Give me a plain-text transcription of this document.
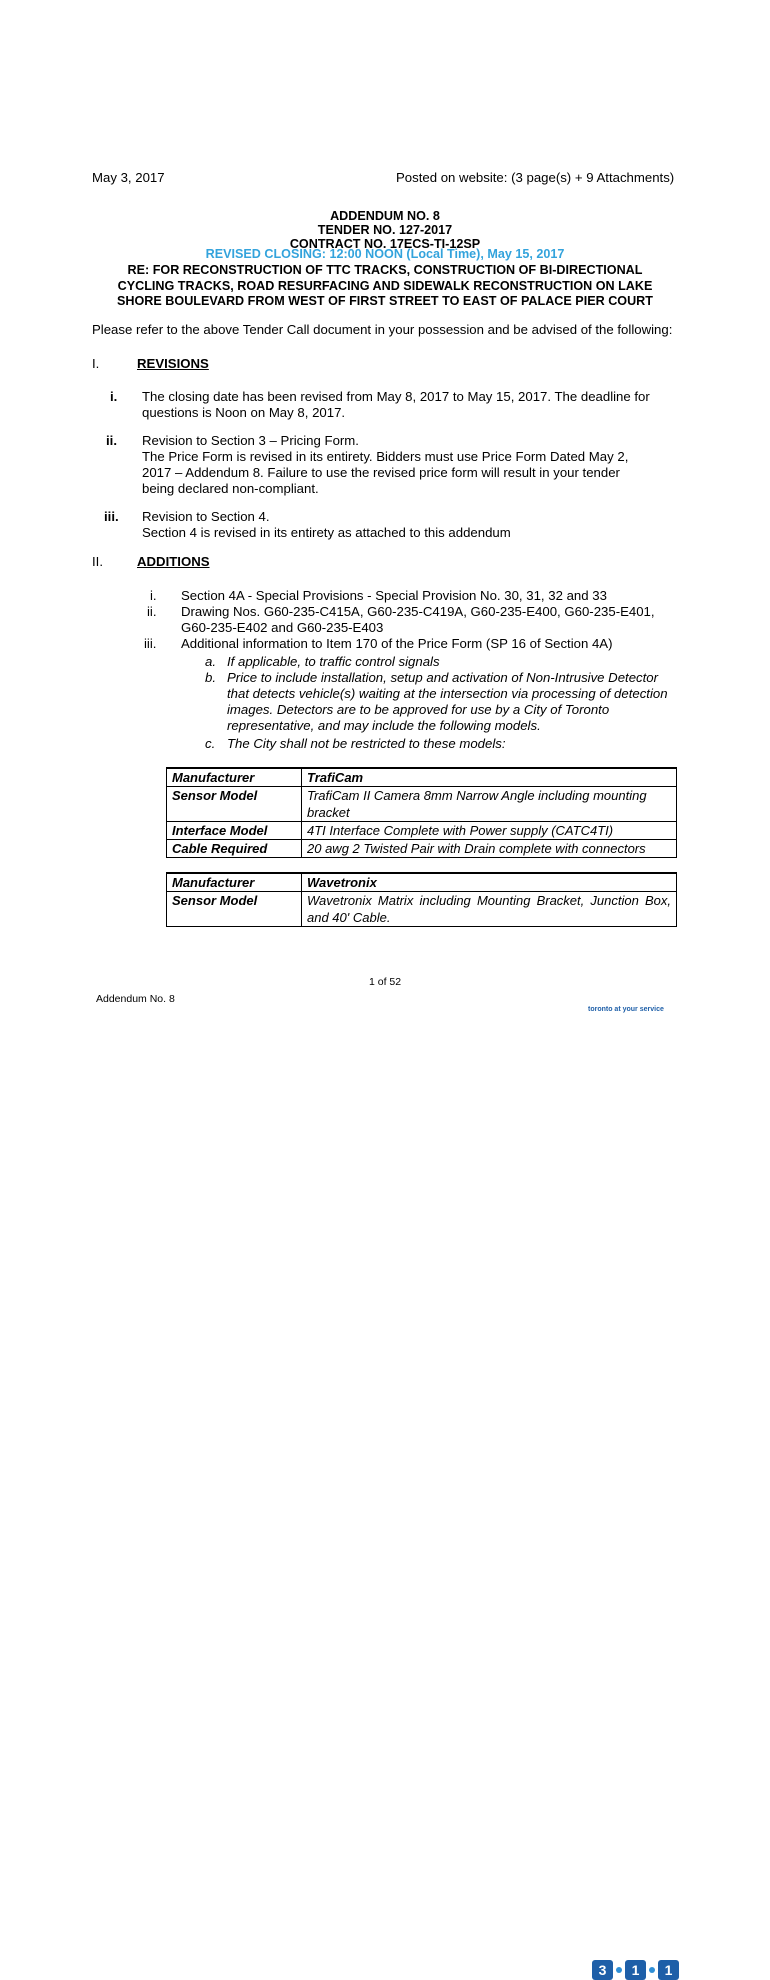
May 3, 2017	Posted on website: (3 page(s) + 9 Attachments)
ADDENDUM NO. 8
TENDER NO. 127-2017
CONTRACT NO. 17ECS-TI-12SP
REVISED CLOSING: 12:00 NOON (Local Time), May 15, 2017
RE: FOR RECONSTRUCTION OF TTC TRACKS, CONSTRUCTION OF BI-DIRECTIONAL
CYCLING TRACKS, ROAD RESURFACING AND SIDEWALK RECONSTRUCTION ON LAKE
SHORE BOULEVARD FROM WEST OF FIRST STREET TO EAST OF PALACE PIER COURT
Please refer to the above Tender Call document in your possession and be advised of the following:
I.	REVISIONS
i. The closing date has been revised from May 8, 2017 to May 15, 2017. The deadline for
questions is Noon on May 8, 2017.
ii. Revision to Section 3 – Pricing Form.
The Price Form is revised in its entirety. Bidders must use Price Form Dated May 2,
2017 – Addendum 8. Failure to use the revised price form will result in your tender
being declared non-compliant.
iii. Revision to Section 4.
Section 4 is revised in its entirety as attached to this addendum
II.	ADDITIONS
i. Section 4A - Special Provisions - Special Provision No. 30, 31, 32 and 33
ii. Drawing Nos. G60-235-C415A, G60-235-C419A, G60-235-E400, G60-235-E401,
G60-235-E402 and G60-235-E403
iii. Additional information to Item 170 of the Price Form (SP 16 of Section 4A)
a. If applicable, to traffic control signals
b. Price to include installation, setup and activation of Non-Intrusive Detector
that detects vehicle(s) waiting at the intersection via processing of detection
images. Detectors are to be approved for use by a City of Toronto
representative, and may include the following models.
c. The City shall not be restricted to these models:
Manufacturer	TrafiCam
Sensor Model	TrafiCam II Camera 8mm Narrow Angle including mounting bracket
Interface Model	4TI Interface Complete with Power supply (CATC4TI)
Cable Required	20 awg 2 Twisted Pair with Drain complete with connectors
Manufacturer	Wavetronix
Sensor Model	Wavetronix Matrix including Mounting Bracket, Junction Box, and 40' Cable.
1 of 52
Addendum No. 8
3	1	1
toronto at your service
